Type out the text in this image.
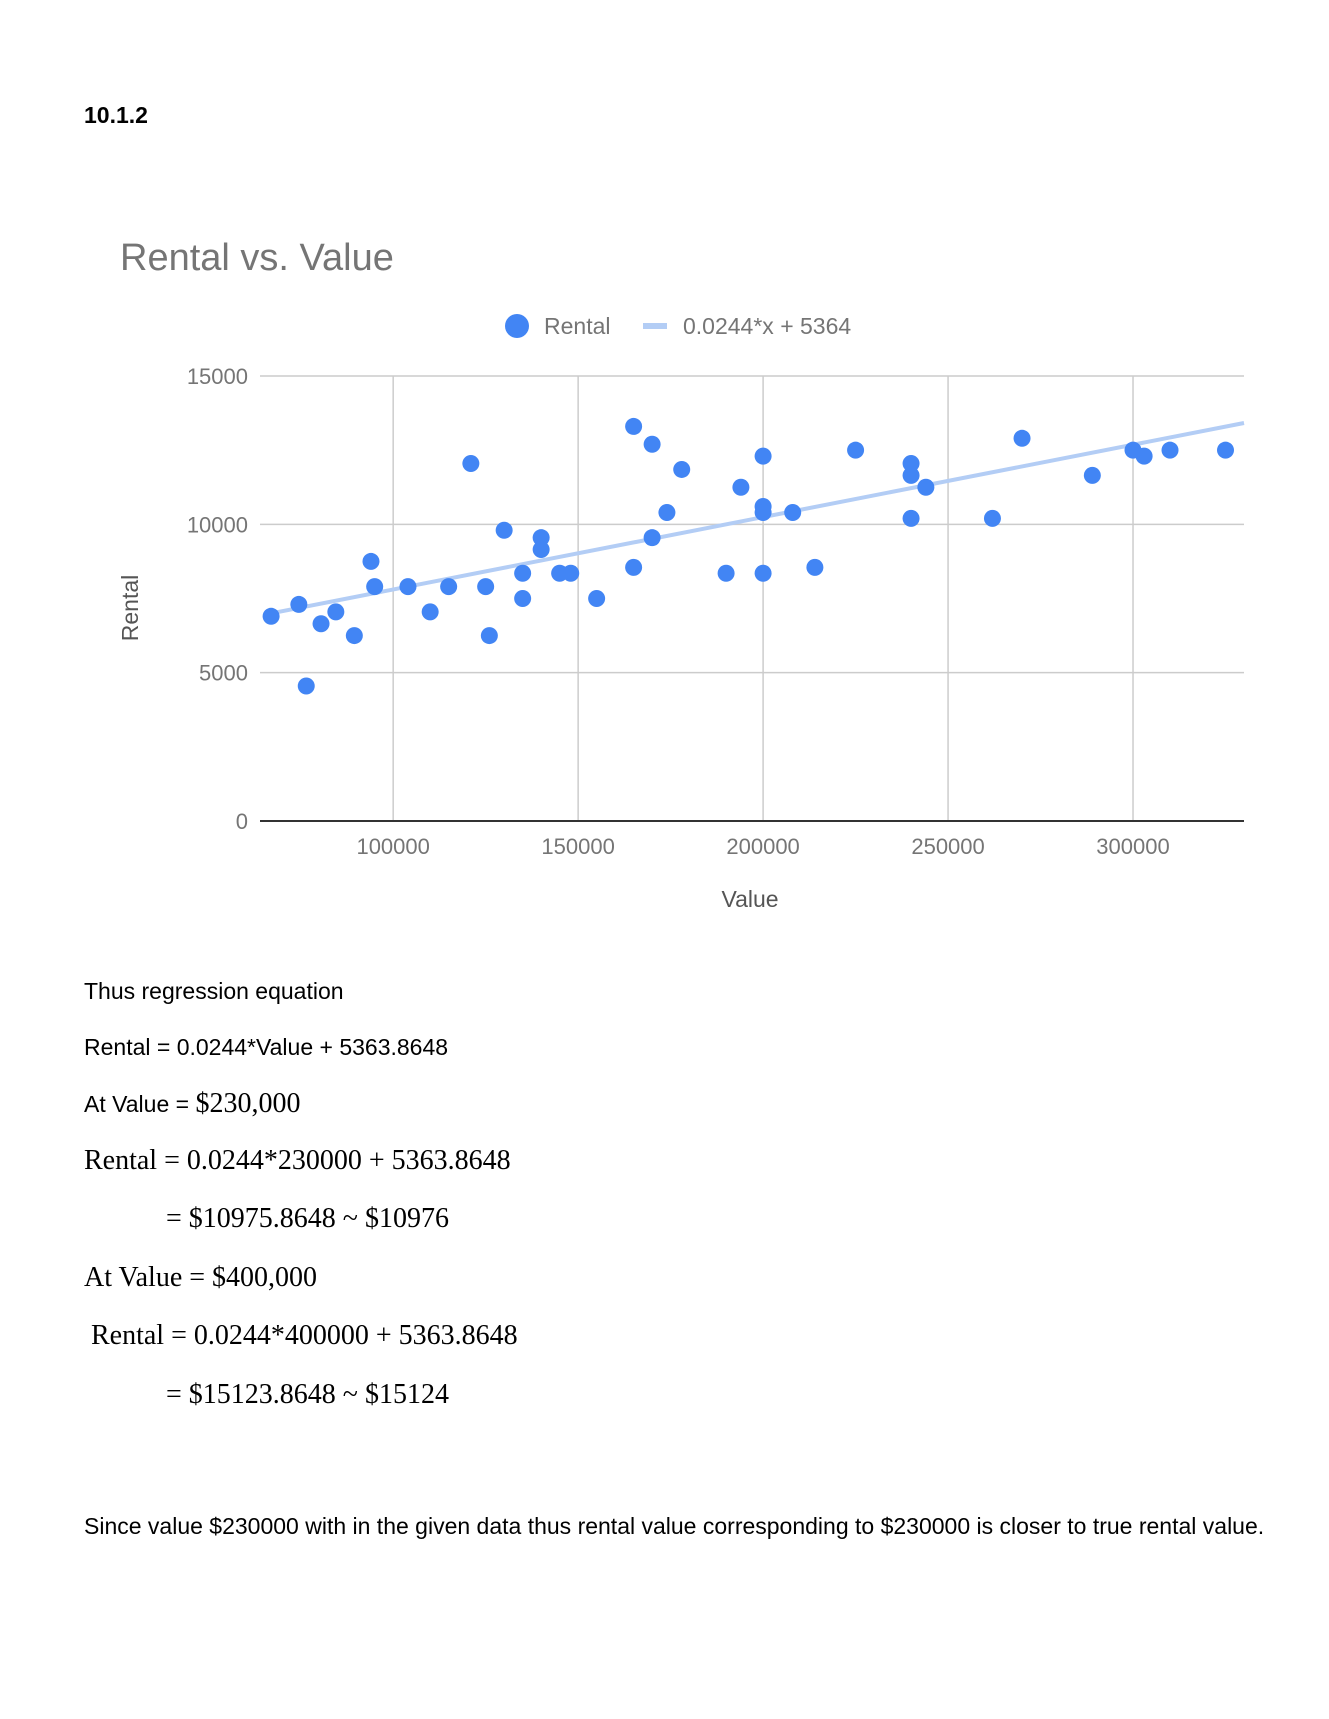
10.1.2
Rental vs. Value
Rental	0.0244*x + 5364
0
5000
10000
15000
100000	150000	200000	250000	300000
Rental
Value
Thus regression equation
Rental = 0.0244*Value + 5363.8648
At Value = $230,000
Rental = 0.0244*230000 + 5363.8648
= $10975.8648 ~ $10976
At Value = $400,000
Rental = 0.0244*400000 + 5363.8648
= $15123.8648 ~ $15124
Since value $230000 with in the given data thus rental value corresponding to $230000 is closer to true rental value.
